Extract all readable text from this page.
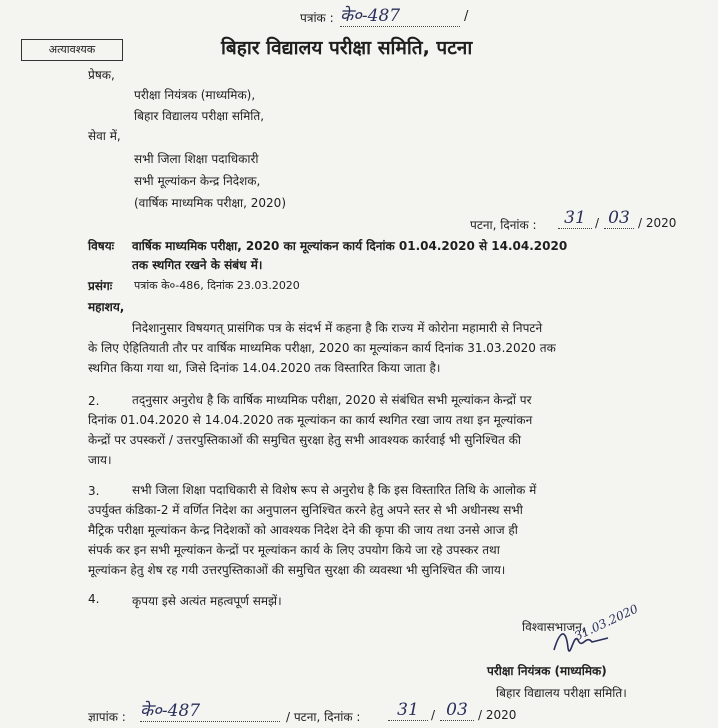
पत्रांक : के०-487	/
अत्यावश्यक	बिहार विद्यालय परीक्षा समिति, पटना
प्रेषक,
परीक्षा नियंत्रक (माध्यमिक),
बिहार विद्यालय परीक्षा समिति,
सेवा में,
सभी जिला शिक्षा पदाधिकारी
सभी मूल्यांकन केन्द्र निदेशक,
(वार्षिक माध्यमिक परीक्षा, 2020)
पटना, दिनांक :	31 / 03 / 2020
विषयः वार्षिक माध्यमिक परीक्षा, 2020 का मूल्यांकन कार्य दिनांक 01.04.2020 से 14.04.2020
तक स्थगित रखने के संबंध में।
प्रसंगः पत्रांक के०-486, दिनांक 23.03.2020
महाशय,
निदेशानुसार विषयगत् प्रासंगिक पत्र के संदर्भ में कहना है कि राज्य में कोरोना महामारी से निपटने
के लिए ऐहितियाती तौर पर वार्षिक माध्यमिक परीक्षा, 2020 का मूल्यांकन कार्य दिनांक 31.03.2020 तक
स्थगित किया गया था, जिसे दिनांक 14.04.2020 तक विस्तारित किया जाता है।
2.	तद्नुसार अनुरोध है कि वार्षिक माध्यमिक परीक्षा, 2020 से संबंधित सभी मूल्यांकन केन्द्रों पर
दिनांक 01.04.2020 से 14.04.2020 तक मूल्यांकन का कार्य स्थगित रखा जाय तथा इन मूल्यांकन
केन्द्रों पर उपस्करों / उत्तरपुस्तिकाओं की समुचित सुरक्षा हेतु सभी आवश्यक कार्रवाई भी सुनिश्चित की
जाय।
3.	सभी जिला शिक्षा पदाधिकारी से विशेष रूप से अनुरोध है कि इस विस्तारित तिथि के आलोक में
उपर्युक्त कंडिका-2 में वर्णित निदेश का अनुपालन सुनिश्चित करने हेतु अपने स्तर से भी अधीनस्थ सभी
मैट्रिक परीक्षा मूल्यांकन केन्द्र निदेशकों को आवश्यक निदेश देने की कृपा की जाय तथा उनसे आज ही
संपर्क कर इन सभी मूल्यांकन केन्द्रों पर मूल्यांकन कार्य के लिए उपयोग किये जा रहे उपस्कर तथा
मूल्यांकन हेतु शेष रह गयी उत्तरपुस्तिकाओं की समुचित सुरक्षा की व्यवस्था भी सुनिश्चित की जाय।
4.	कृपया इसे अत्यंत महत्वपूर्ण समझें।
विश्वासभाजन,
31.03.2020
परीक्षा नियंत्रक (माध्यमिक)
बिहार विद्यालय परीक्षा समिति।
ज्ञापांक : के०-487	/ पटना, दिनांक :	31	/ 03 / 2020
